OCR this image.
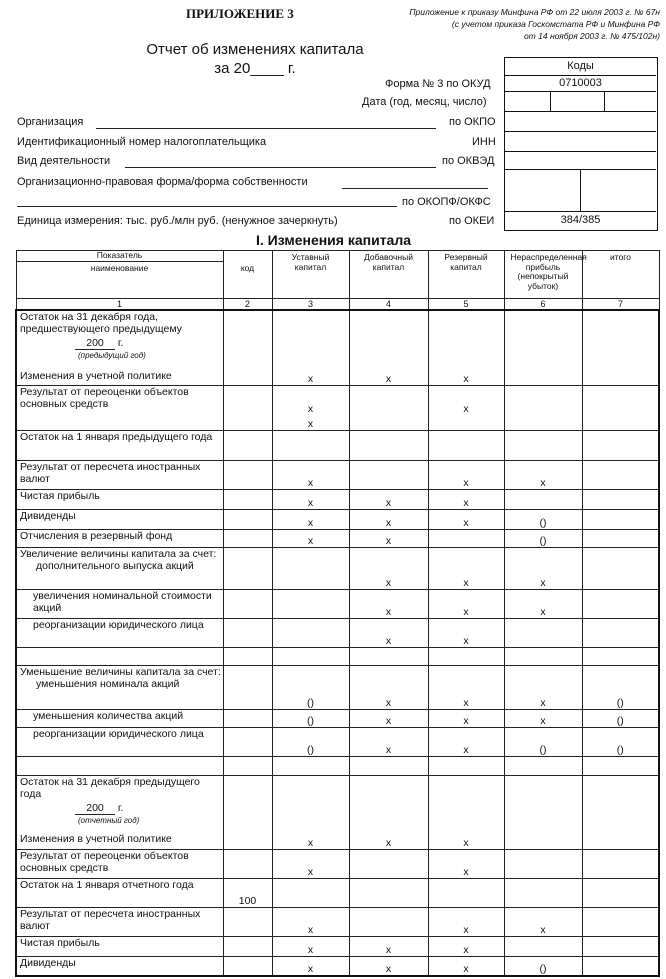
ПРИЛОЖЕНИЕ 3	Приложение к приказу Минфина РФ от 22 июля 2003 г. № 67н
(с учетом приказа Госкомстата РФ и Минфина РФ
от 14 ноября 2003 г. № 475/102н)
Отчет об изменениях капитала
за 20____ г.	Коды
0710003
384/385
Форма № 3 по ОКУД
Дата (год, месяц, число)
Организация	по ОКПО
Идентификационный номер налогоплательщика	ИНН
Вид деятельности	по ОКВЭД
Организационно-правовая форма/форма собственности
по ОКОПФ/ОКФС
Единица измерения: тыс. руб./млн руб. (ненужное зачеркнуть)	по ОКЕИ
I. Изменения капитала
Показатель
наименование	код	Уставный капитал	Добавочный капитал	Резервный капитал	Нераспределенная прибыль (непокрытый убыток)	итого
1	2	3	4	5	6	7
Остаток на 31 декабря года, предшествующего предыдущему
200 г.
(предыдущий год)						

Изменения в учетной политике		x	x	x		
Результат от переоценки объектов основных средств		x		x		
		x				
Остаток на 1 января предыдущего года						
Результат от пересчета иностранных валют		x		x	x	
Чистая прибыль		x	x	x		
Дивиденды		x	x	x	()	
Отчисления в резервный фонд		x	x		()	

Увеличение величины капитала за счет:
дополнительного выпуска акций			x	x	x	
увеличения номинальной стоимости акций			x	x	x	
реорганизации юридического лица			x	x		

Уменьшение величины капитала за счет:
уменьшения номинала акций		()	x	x	x	()
уменьшения количества акций		()	x	x	x	()
реорганизации юридического лица		()	x	x	()	()

Остаток на 31 декабря предыдущего года
200 г.
(отчетный год)						

Изменения в учетной политике		x	x	x		
Результат от переоценки объектов основных средств		x		x		
Остаток на 1 января отчетного года	100					
Результат от пересчета иностранных валют		x		x	x	
Чистая прибыль		x	x	x		
Дивиденды		x	x	x	()	
